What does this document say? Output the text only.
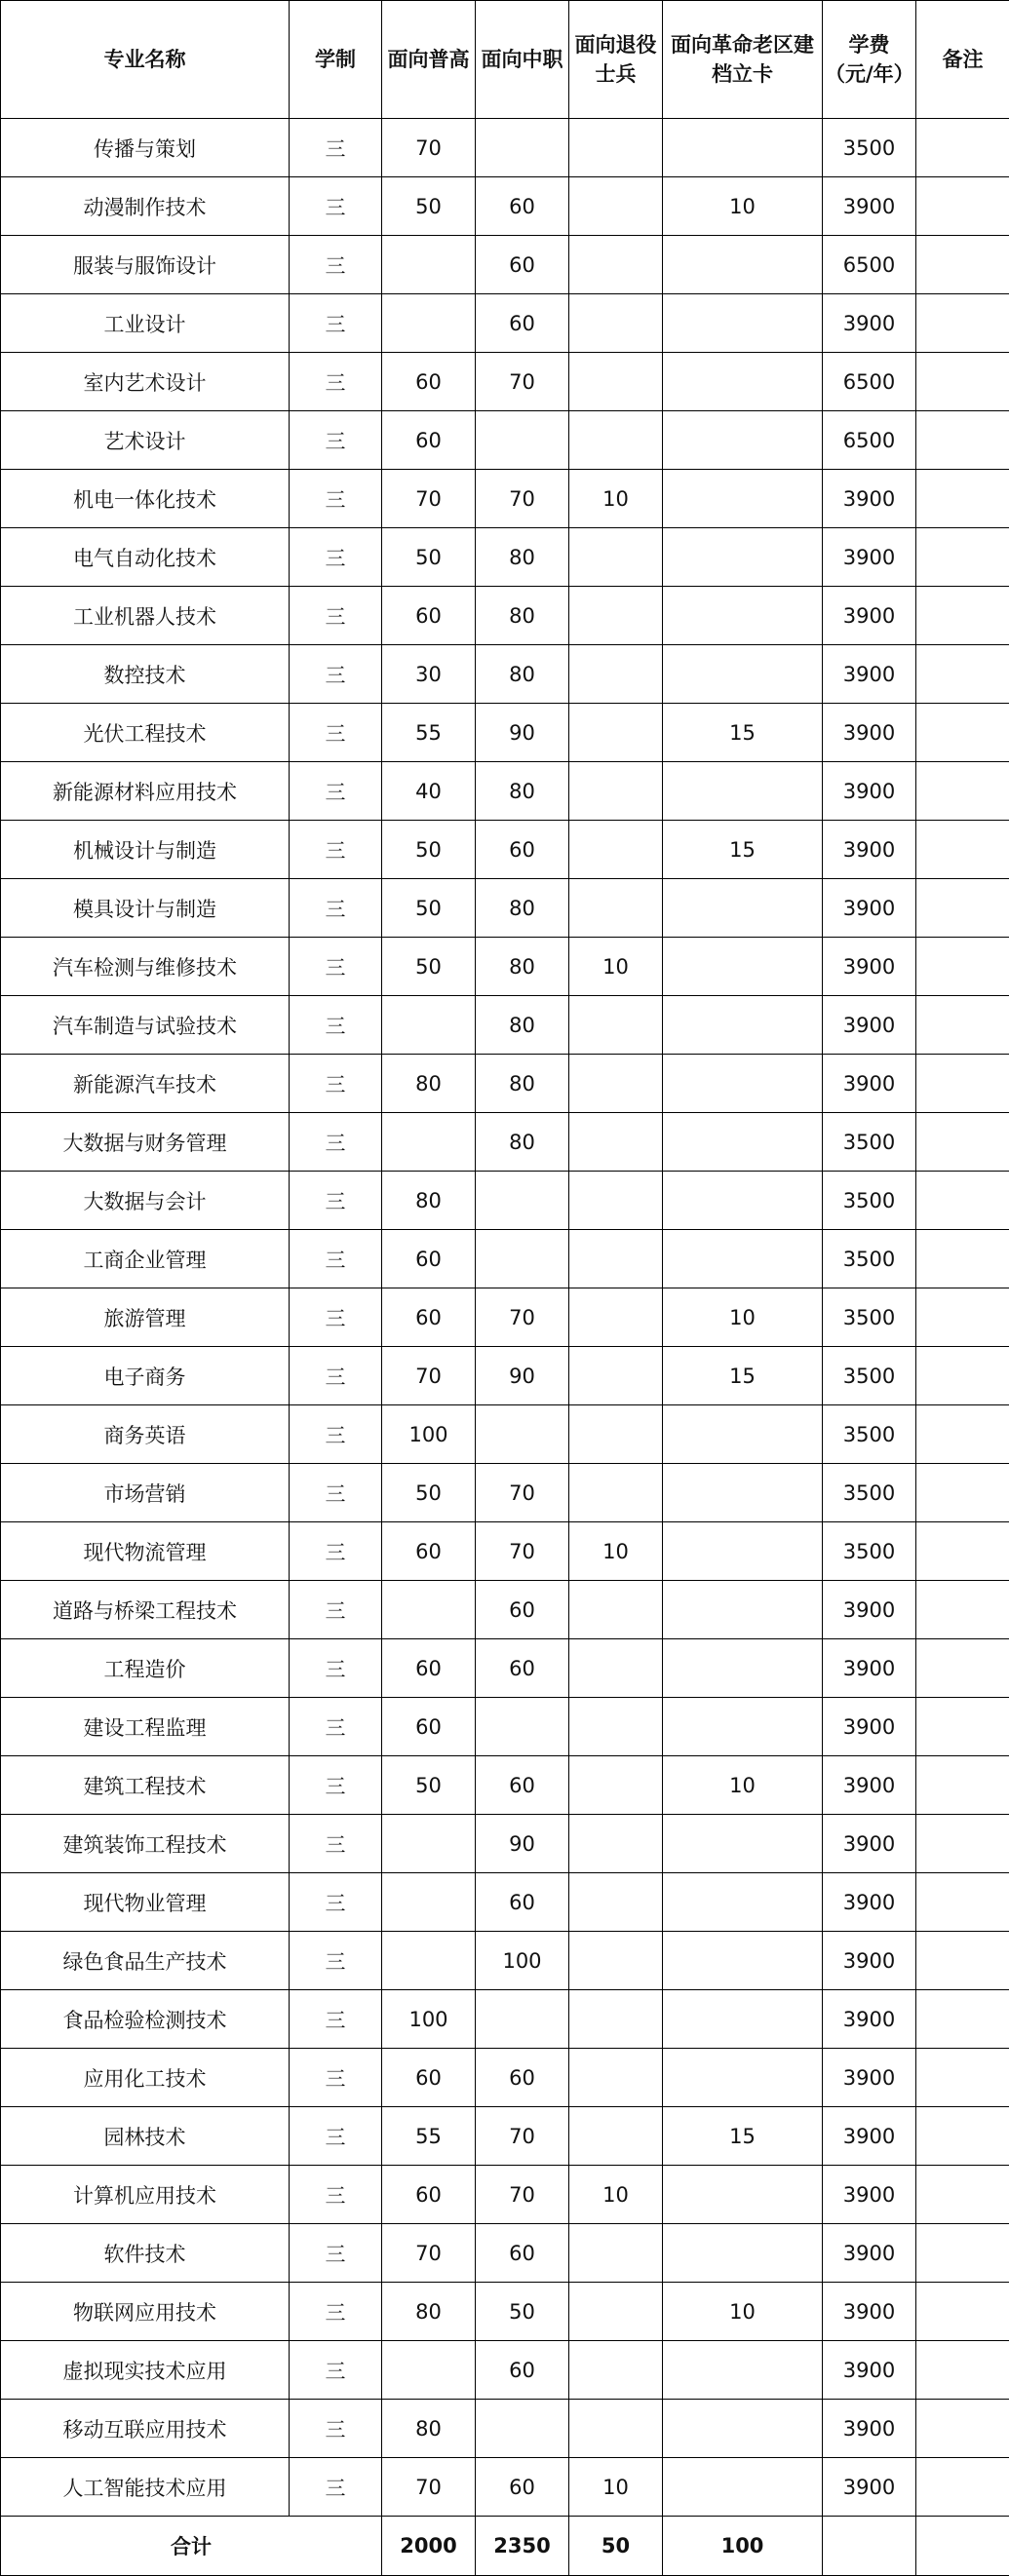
专业名称	学制	面向普高	面向中职	面向退役士兵	面向革命老区建档立卡	学费（元/年）	备注
传播与策划	三	70				3500	
动漫制作技术	三	50	60		10	3900	
服装与服饰设计	三		60			6500	
工业设计	三		60			3900	
室内艺术设计	三	60	70			6500	
艺术设计	三	60				6500	
机电一体化技术	三	70	70	10		3900	
电气自动化技术	三	50	80			3900	
工业机器人技术	三	60	80			3900	
数控技术	三	30	80			3900	
光伏工程技术	三	55	90		15	3900	
新能源材料应用技术	三	40	80			3900	
机械设计与制造	三	50	60		15	3900	
模具设计与制造	三	50	80			3900	
汽车检测与维修技术	三	50	80	10		3900	
汽车制造与试验技术	三		80			3900	
新能源汽车技术	三	80	80			3900	
大数据与财务管理	三		80			3500	
大数据与会计	三	80				3500	
工商企业管理	三	60				3500	
旅游管理	三	60	70		10	3500	
电子商务	三	70	90		15	3500	
商务英语	三	100				3500	
市场营销	三	50	70			3500	
现代物流管理	三	60	70	10		3500	
道路与桥梁工程技术	三		60			3900	
工程造价	三	60	60			3900	
建设工程监理	三	60				3900	
建筑工程技术	三	50	60		10	3900	
建筑装饰工程技术	三		90			3900	
现代物业管理	三		60			3900	
绿色食品生产技术	三		100			3900	
食品检验检测技术	三	100				3900	
应用化工技术	三	60	60			3900	
园林技术	三	55	70		15	3900	
计算机应用技术	三	60	70	10		3900	
软件技术	三	70	60			3900	
物联网应用技术	三	80	50		10	3900	
虚拟现实技术应用	三		60			3900	
移动互联应用技术	三	80				3900	
人工智能技术应用	三	70	60	10		3900	
合计		2000	2350	50	100		
